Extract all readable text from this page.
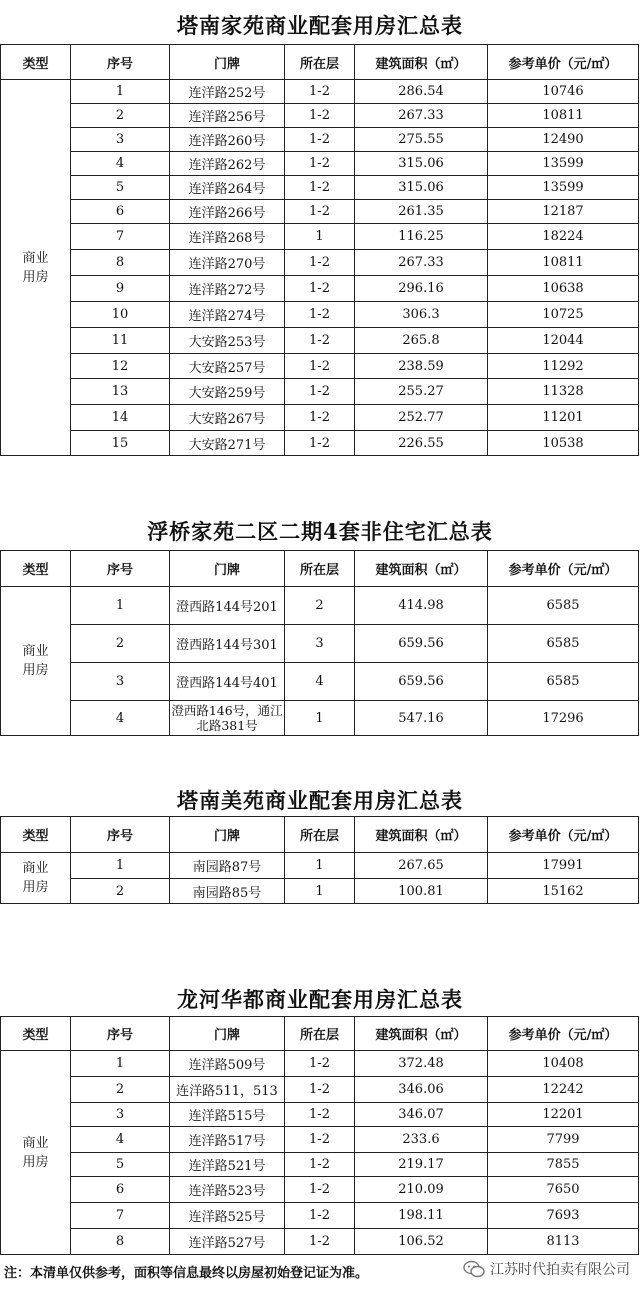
塔南家苑商业配套用房汇总表
类型	序号	门牌	所在层	建筑面积（㎡）	参考单价（元/㎡）
商业用房	1	连洋路252号	1-2	286.54	10746
	2	连洋路256号	1-2	267.33	10811
	3	连洋路260号	1-2	275.55	12490
	4	连洋路262号	1-2	315.06	13599
	5	连洋路264号	1-2	315.06	13599
	6	连洋路266号	1-2	261.35	12187
	7	连洋路268号	1	116.25	18224
	8	连洋路270号	1-2	267.33	10811
	9	连洋路272号	1-2	296.16	10638
	10	连洋路274号	1-2	306.3	10725
	11	大安路253号	1-2	265.8	12044
	12	大安路257号	1-2	238.59	11292
	13	大安路259号	1-2	255.27	11328
	14	大安路267号	1-2	252.77	11201
	15	大安路271号	1-2	226.55	10538
浮桥家苑二区二期4套非住宅汇总表
类型	序号	门牌	所在层	建筑面积（㎡）	参考单价（元/㎡）
商业用房	1	澄西路144号201	2	414.98	6585
	2	澄西路144号301	3	659.56	6585
	3	澄西路144号401	4	659.56	6585
	4	澄西路146号，通江北路381号	1	547.16	17296
塔南美苑商业配套用房汇总表
类型	序号	门牌	所在层	建筑面积（㎡）	参考单价（元/㎡）
商业用房	1	南园路87号	1	267.65	17991
	2	南园路85号	1	100.81	15162
龙河华都商业配套用房汇总表
类型	序号	门牌	所在层	建筑面积（㎡）	参考单价（元/㎡）
商业用房	1	连洋路509号	1-2	372.48	10408
	2	连洋路511，513	1-2	346.06	12242
	3	连洋路515号	1-2	346.07	12201
	4	连洋路517号	1-2	233.6	7799
	5	连洋路521号	1-2	219.17	7855
	6	连洋路523号	1-2	210.09	7650
	7	连洋路525号	1-2	198.11	7693
	8	连洋路527号	1-2	106.52	8113
注：本清单仅供参考，面积等信息最终以房屋初始登记证为准。	江苏时代拍卖有限公司
